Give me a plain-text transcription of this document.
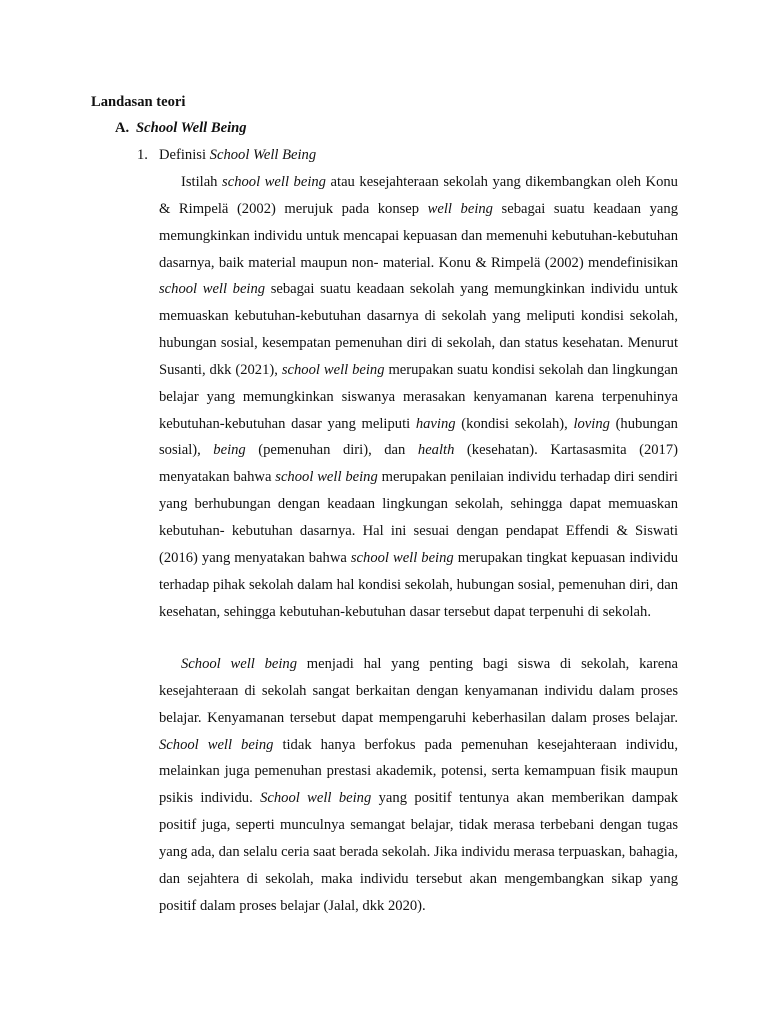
Landasan teori
A. School Well Being
1. Definisi School Well Being

Istilah school well being atau kesejahteraan sekolah yang dikembangkan oleh Konu & Rimpelä (2002) merujuk pada konsep well being sebagai suatu keadaan yang memungkinkan individu untuk mencapai kepuasan dan memenuhi kebutuhan-kebutuhan dasarnya, baik material maupun non- material. Konu & Rimpelä (2002) mendefinisikan school well being sebagai suatu keadaan sekolah yang memungkinkan individu untuk memuaskan kebutuhan-kebutuhan dasarnya di sekolah yang meliputi kondisi sekolah, hubungan sosial, kesempatan pemenuhan diri di sekolah, dan status kesehatan. Menurut Susanti, dkk (2021), school well being merupakan suatu kondisi sekolah dan lingkungan belajar yang memungkinkan siswanya merasakan kenyamanan karena terpenuhinya kebutuhan-kebutuhan dasar yang meliputi having (kondisi sekolah), loving (hubungan sosial), being (pemenuhan diri), dan health (kesehatan). Kartasasmita (2017) menyatakan bahwa school well being merupakan penilaian individu terhadap diri sendiri yang berhubungan dengan keadaan lingkungan sekolah, sehingga dapat memuaskan kebutuhan- kebutuhan dasarnya. Hal ini sesuai dengan pendapat Effendi & Siswati (2016) yang menyatakan bahwa school well being merupakan tingkat kepuasan individu terhadap pihak sekolah dalam hal kondisi sekolah, hubungan sosial, pemenuhan diri, dan kesehatan, sehingga kebutuhan-kebutuhan dasar tersebut dapat terpenuhi di sekolah.

School well being menjadi hal yang penting bagi siswa di sekolah, karena kesejahteraan di sekolah sangat berkaitan dengan kenyamanan individu dalam proses belajar. Kenyamanan tersebut dapat mempengaruhi keberhasilan dalam proses belajar. School well being tidak hanya berfokus pada pemenuhan kesejahteraan individu, melainkan juga pemenuhan prestasi akademik, potensi, serta kemampuan fisik maupun psikis individu. School well being yang positif tentunya akan memberikan dampak positif juga, seperti munculnya semangat belajar, tidak merasa terbebani dengan tugas yang ada, dan selalu ceria saat berada sekolah. Jika individu merasa terpuaskan, bahagia, dan sejahtera di sekolah, maka individu tersebut akan mengembangkan sikap yang positif dalam proses belajar (Jalal, dkk 2020).
